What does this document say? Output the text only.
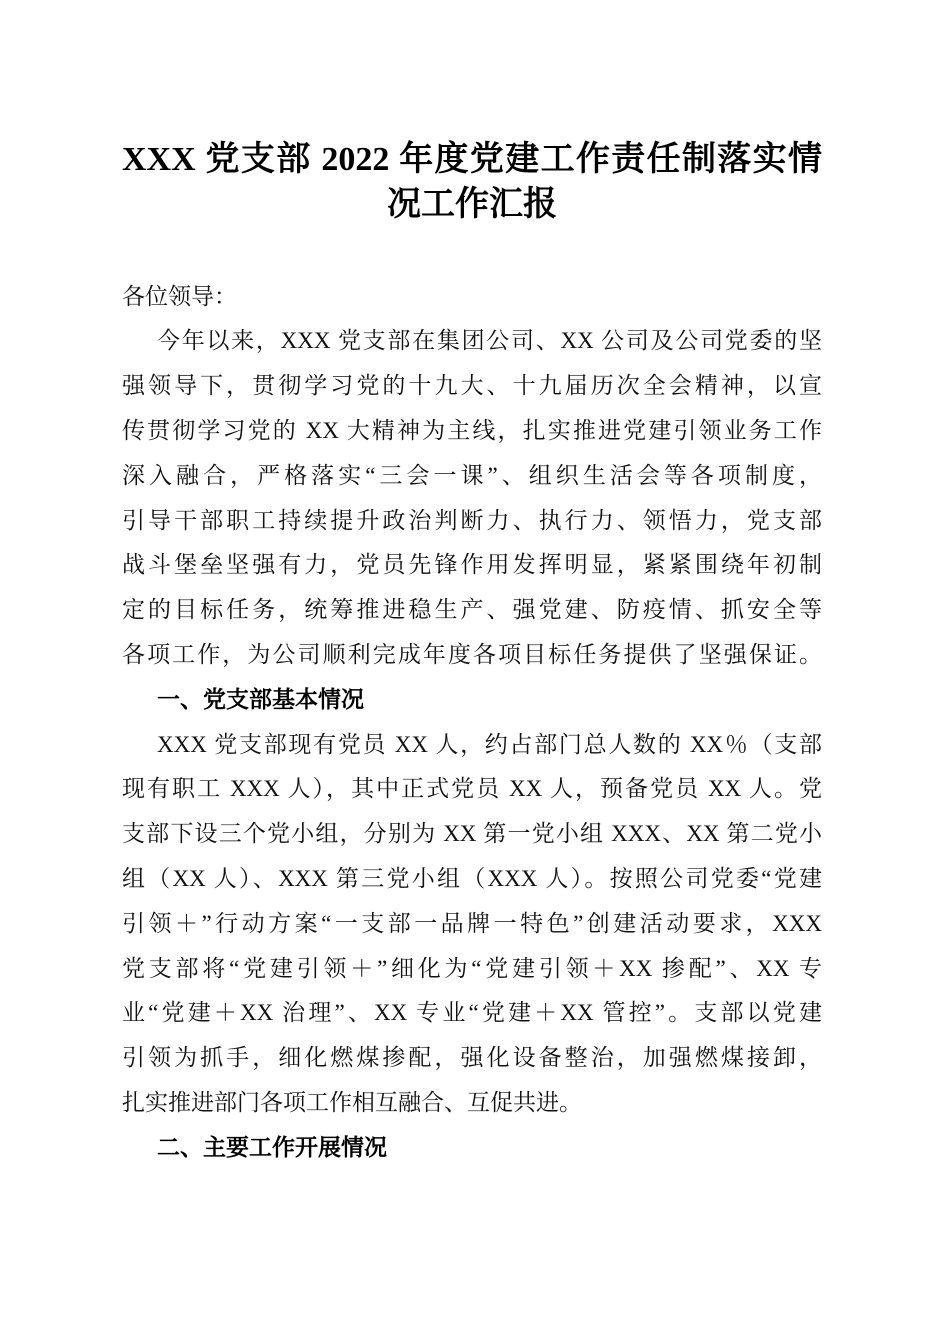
XXX 党支部 2022 年度党建工作责任制落实情
况工作汇报
各位领导：
今年以来，XXX 党支部在集团公司、XX 公司及公司党委的坚
强领导下，贯彻学习党的十九大、十九届历次全会精神，以宣
传贯彻学习党的 XX 大精神为主线，扎实推进党建引领业务工作
深入融合，严格落实“三会一课”、组织生活会等各项制度，
引导干部职工持续提升政治判断力、执行力、领悟力，党支部
战斗堡垒坚强有力，党员先锋作用发挥明显，紧紧围绕年初制
定的目标任务，统筹推进稳生产、强党建、防疫情、抓安全等
各项工作，为公司顺利完成年度各项目标任务提供了坚强保证。
一、党支部基本情况
XXX 党支部现有党员 XX 人，约占部门总人数的 XX％（支部
现有职工 XXX 人），其中正式党员 XX 人，预备党员 XX 人。党
支部下设三个党小组，分别为 XX 第一党小组 XXX、XX 第二党小
组（XX 人）、XXX 第三党小组（XXX 人）。按照公司党委“党建
引领＋”行动方案“一支部一品牌一特色”创建活动要求，XXX
党支部将“党建引领＋”细化为“党建引领＋XX 掺配”、XX 专
业“党建＋XX 治理”、XX 专业“党建＋XX 管控”。支部以党建
引领为抓手，细化燃煤掺配，强化设备整治，加强燃煤接卸，
扎实推进部门各项工作相互融合、互促共进。
二、主要工作开展情况
